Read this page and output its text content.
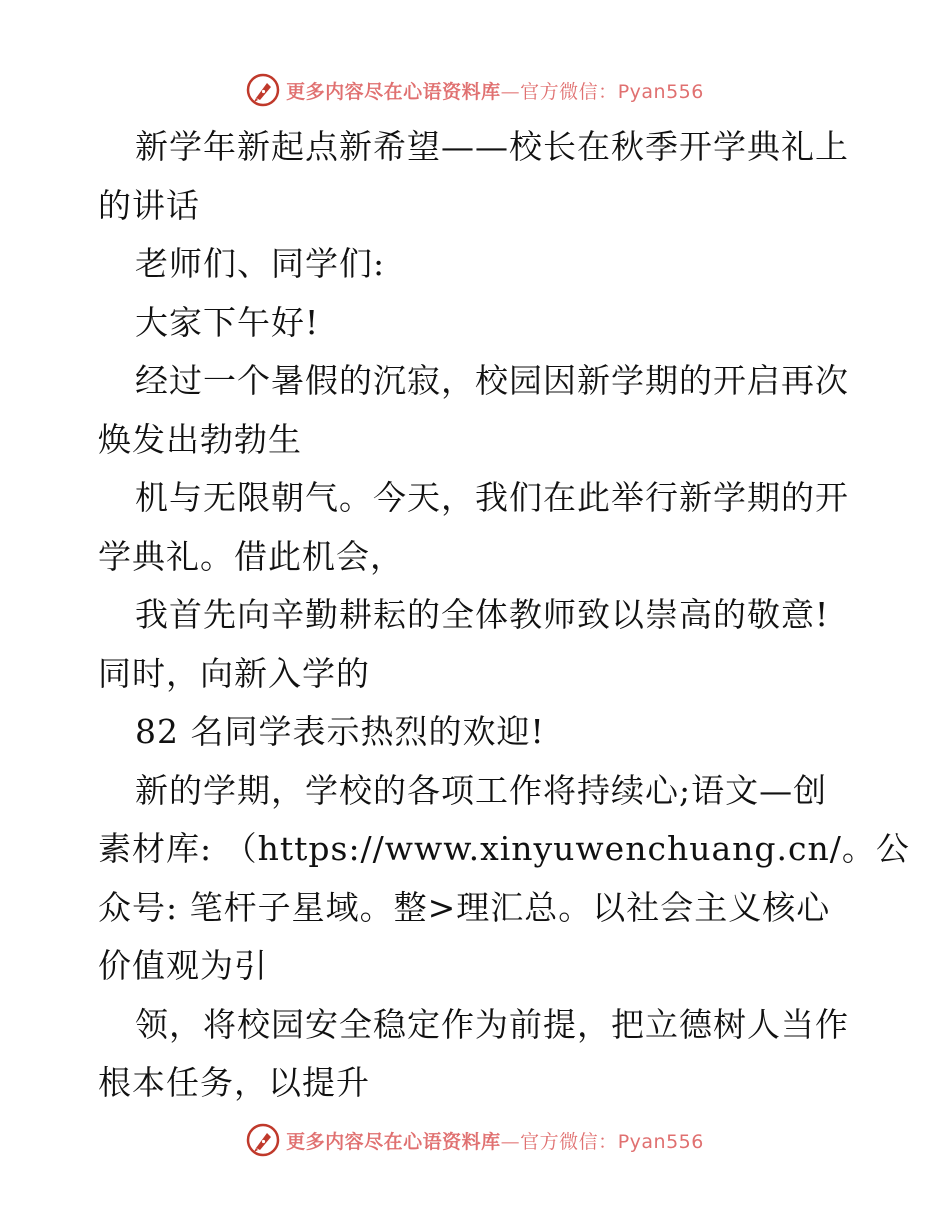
更多内容尽在心语资料库—官方微信：Pyan556
新学年新起点新希望——校长在秋季开学典礼上
的讲话
老师们、同学们:
大家下午好!
经过一个暑假的沉寂，校园因新学期的开启再次
焕发出勃勃生
机与无限朝气。今天，我们在此举行新学期的开
学典礼。借此机会，
我首先向辛勤耕耘的全体教师致以崇高的敬意!
同时，向新入学的
82 名同学表示热烈的欢迎!
新的学期，学校的各项工作将持续心;语文—创
素材库: （https://www.xinyuwenchuang.cn/。公
众号: 笔杆子星域。整>理汇总。以社会主义核心
价值观为引
领，将校园安全稳定作为前提，把立德树人当作
根本任务，以提升
更多内容尽在心语资料库—官方微信：Pyan556
